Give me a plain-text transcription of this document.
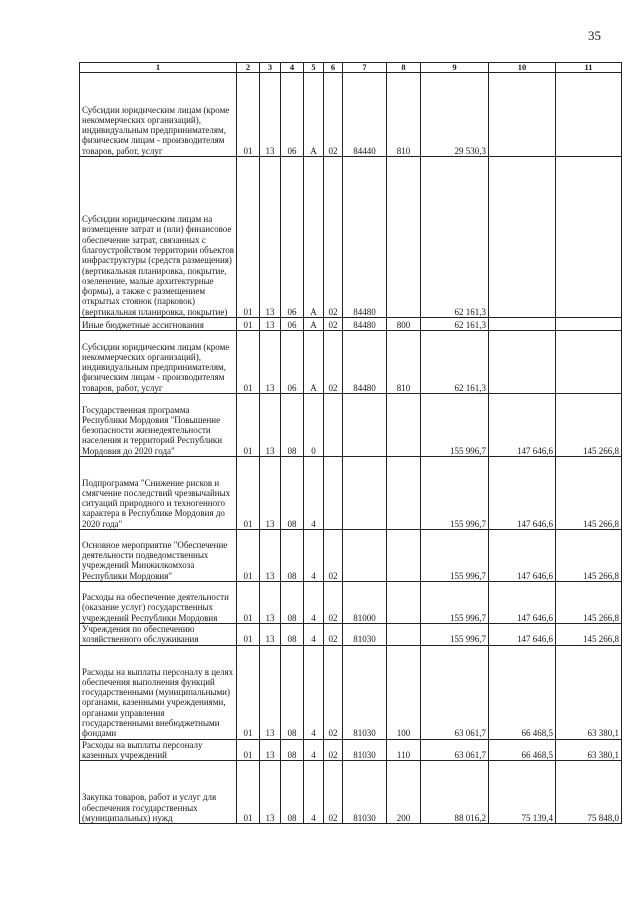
35
1	2	3	4	5	6	7	8	9	10	11
Субсидии юридическим лицам (кроме некоммерческих организаций), индивидуальным предпринимателям, физическим лицам - производителям товаров, работ, услуг	01	13	06	А	02	84440	810	29 530,3		
Субсидии юридическим лицам на возмещение затрат и (или) финансовое обеспечение затрат, связанных с благоустройством территории объектов инфраструктуры (средств размещения) (вертикальная планировка, покрытие, озеленение, малые архитектурные формы), а также с размещением открытых стоянок (парковок) (вертикальная планировка, покрытие)	01	13	06	А	02	84480		62 161,3		
Иные бюджетные ассигнования	01	13	06	А	02	84480	800	62 161,3		
Субсидии юридическим лицам (кроме некоммерческих организаций), индивидуальным предпринимателям, физическим лицам - производителям товаров, работ, услуг	01	13	06	А	02	84480	810	62 161,3		
Государственная программа Республики Мордовия "Повышение безопасности жизнедеятельности населения и территорий Республики Мордовия до 2020 года"	01	13	08	0				155 996,7	147 646,6	145 266,8
Подпрограмма "Снижение рисков и смягчение последствий чрезвычайных ситуаций природного и техногенного характера в Республике Мордовия до 2020 года"	01	13	08	4				155 996,7	147 646,6	145 266,8
Основное мероприятие "Обеспечение деятельности подведомственных учреждений Минжилкомхоза Республики Мордовия"	01	13	08	4	02			155 996,7	147 646,6	145 266,8
Расходы на обеспечение деятельности (оказание услуг) государственных учреждений Республики Мордовия	01	13	08	4	02	81000		155 996,7	147 646,6	145 266,8
Учреждения по обеспечению хозяйственного обслуживания	01	13	08	4	02	81030		155 996,7	147 646,6	145 266,8
Расходы на выплаты персоналу в целях обеспечения выполнения функций государственными (муниципальными) органами, казенными учреждениями, органами управления государственными внебюджетными фондами	01	13	08	4	02	81030	100	63 061,7	66 468,5	63 380,1
Расходы на выплаты персоналу казенных учреждений	01	13	08	4	02	81030	110	63 061,7	66 468,5	63 380,1
Закупка товаров, работ и услуг для обеспечения государственных (муниципальных) нужд	01	13	08	4	02	81030	200	88 016,2	75 139,4	75 848,0
